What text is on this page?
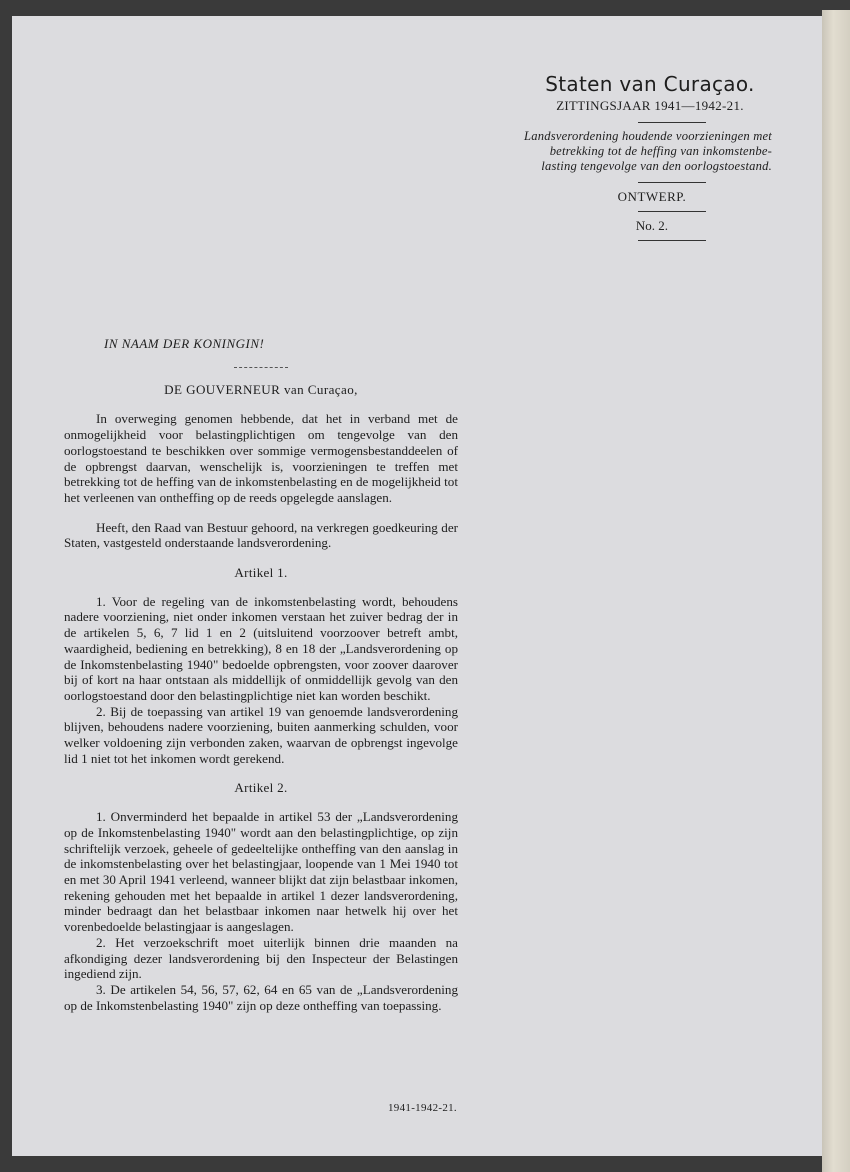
Staten van Curaçao.
ZITTINGSJAAR 1941—1942-21.
Landsverordening houdende voorzieningen met
betrekking tot de heffing van inkomstenbe-
lasting tengevolge van den oorlogstoestand.
ONTWERP.
No. 2.
IN NAAM DER KONINGIN!
DE GOUVERNEUR van Curaçao,

In overweging genomen hebbende, dat het in verband met de onmogelijkheid voor belastingplichtigen om tengevolge van den oorlogstoestand te beschikken over sommige vermogensbestanddeelen of de opbrengst daarvan, wenschelijk is, voorzieningen te treffen met betrekking tot de heffing van de inkomstenbelasting en de mogelijkheid tot het verleenen van ontheffing op de reeds opgelegde aanslagen.

Heeft, den Raad van Bestuur gehoord, na verkregen goedkeuring der Staten, vastgesteld onderstaande landsverordening.

Artikel 1.

1. Voor de regeling van de inkomstenbelasting wordt, behoudens nadere voorziening, niet onder inkomen verstaan het zuiver bedrag der in de artikelen 5, 6, 7 lid 1 en 2 (uitsluitend voorzoover betreft ambt, waardigheid, bediening en betrekking), 8 en 18 der „Landsverordening op de Inkomstenbelasting 1940" bedoelde opbrengsten, voor zoover daarover bij of kort na haar ontstaan als middellijk of onmiddellijk gevolg van den oorlogstoestand door den belastingplichtige niet kan worden beschikt.

2. Bij de toepassing van artikel 19 van genoemde landsverordening blijven, behoudens nadere voorziening, buiten aanmerking schulden, voor welker voldoening zijn verbonden zaken, waarvan de opbrengst ingevolge lid 1 niet tot het inkomen wordt gerekend.

Artikel 2.

1. Onverminderd het bepaalde in artikel 53 der „Landsverordening op de Inkomstenbelasting 1940" wordt aan den belastingplichtige, op zijn schriftelijk verzoek, geheele of gedeeltelijke ontheffing van den aanslag in de inkomstenbelasting over het belastingjaar, loopende van 1 Mei 1940 tot en met 30 April 1941 verleend, wanneer blijkt dat zijn belastbaar inkomen, rekening gehouden met het bepaalde in artikel 1 dezer landsverordening, minder bedraagt dan het belastbaar inkomen naar hetwelk hij over het vorenbedoelde belastingjaar is aangeslagen.

2. Het verzoekschrift moet uiterlijk binnen drie maanden na afkondiging dezer landsverordening bij den Inspecteur der Belastingen ingediend zijn.

3. De artikelen 54, 56, 57, 62, 64 en 65 van de „Landsverordening op de Inkomstenbelasting 1940" zijn op deze ontheffing van toepassing.

1941-1942-21.
